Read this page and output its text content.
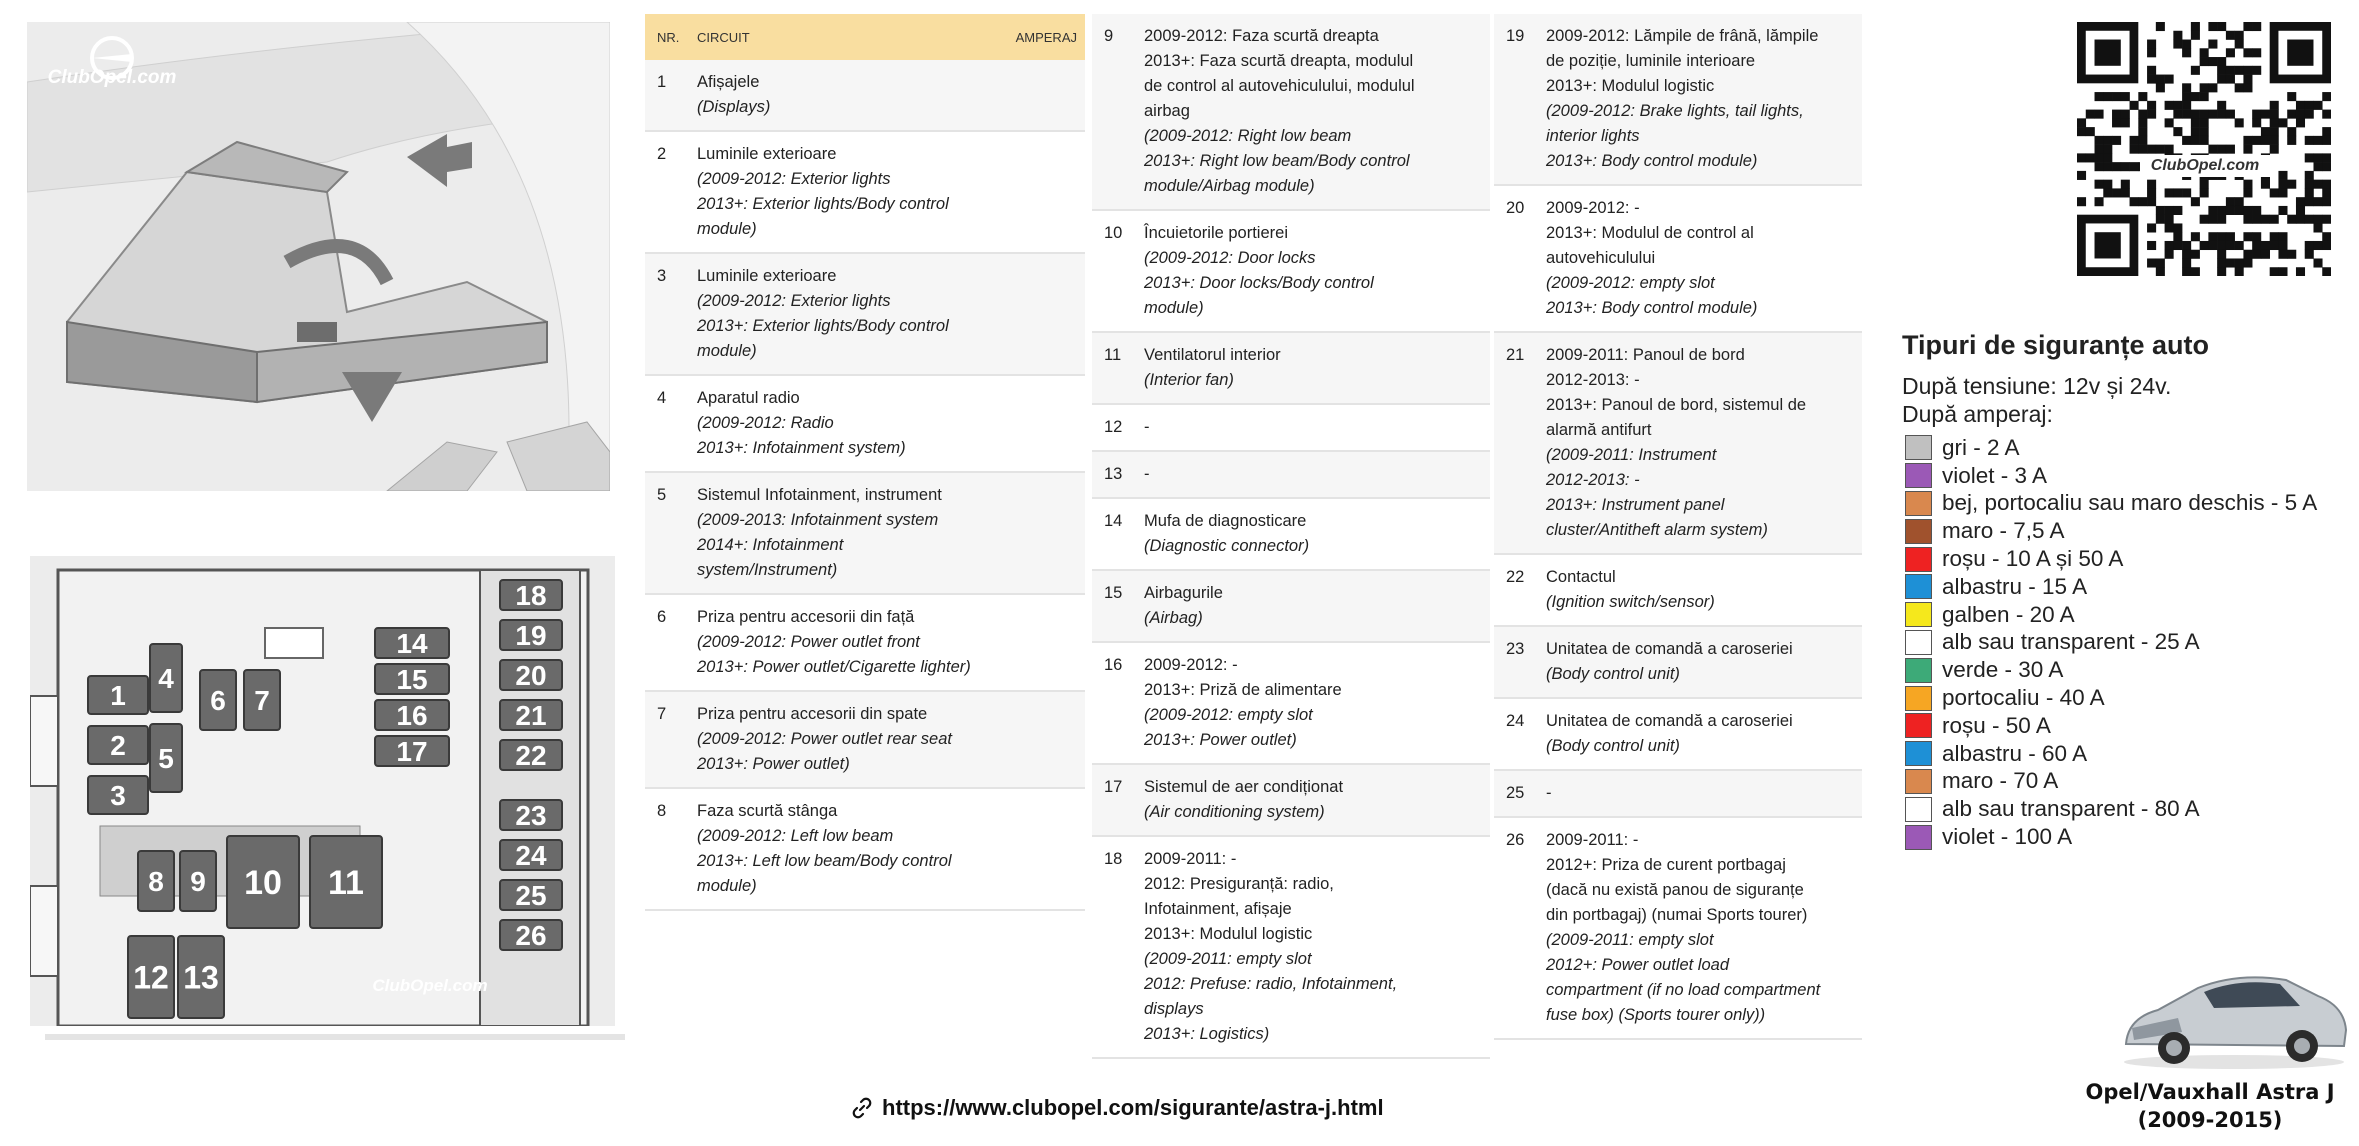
ClubOpel.com
1
2
3
4
5
6 7
8 9 10 11
12 13
14
15
16
17
18
19
20
21
22
23
24
25
26
ClubOpel.com
NR.	CIRCUIT	AMPERAJ
1	Afișajele
(Displays)
2	Luminile exterioare
(2009-2012: Exterior lights
2013+: Exterior lights/Body control
module)
3	Luminile exterioare
(2009-2012: Exterior lights
2013+: Exterior lights/Body control
module)
4	Aparatul radio
(2009-2012: Radio
2013+: Infotainment system)
5	Sistemul Infotainment, instrument
(2009-2013: Infotainment system
2014+: Infotainment
system/Instrument)
6	Priza pentru accesorii din față
(2009-2012: Power outlet front
2013+: Power outlet/Cigarette lighter)
7	Priza pentru accesorii din spate
(2009-2012: Power outlet rear seat
2013+: Power outlet)
8	Faza scurtă stânga
(2009-2012: Left low beam
2013+: Left low beam/Body control
module)
9	2009-2012: Faza scurtă dreapta
2013+: Faza scurtă dreapta, modulul
de control al autovehiculului, modulul
airbag
(2009-2012: Right low beam
2013+: Right low beam/Body control
module/Airbag module)
10	Încuietorile portierei
(2009-2012: Door locks
2013+: Door locks/Body control
module)
11	Ventilatorul interior
(Interior fan)
12	-
13	-
14	Mufa de diagnosticare
(Diagnostic connector)
15	Airbagurile
(Airbag)
16	2009-2012: -
2013+: Priză de alimentare
(2009-2012: empty slot
2013+: Power outlet)
17	Sistemul de aer condiționat
(Air conditioning system)
18	2009-2011: -
2012: Presiguranță: radio,
Infotainment, afișaje
2013+: Modulul logistic
(2009-2011: empty slot
2012: Prefuse: radio, Infotainment,
displays
2013+: Logistics)
19	2009-2012: Lămpile de frână, lămpile
de poziție, luminile interioare
2013+: Modulul logistic
(2009-2012: Brake lights, tail lights,
interior lights
2013+: Body control module)
20	2009-2012: -
2013+: Modulul de control al
autovehiculului
(2009-2012: empty slot
2013+: Body control module)
21	2009-2011: Panoul de bord
2012-2013: -
2013+: Panoul de bord, sistemul de
alarmă antifurt
(2009-2011: Instrument
2012-2013: -
2013+: Instrument panel
cluster/Antitheft alarm system)
22	Contactul
(Ignition switch/sensor)
23	Unitatea de comandă a caroseriei
(Body control unit)
24	Unitatea de comandă a caroseriei
(Body control unit)
25	-
26	2009-2011: -
2012+: Priza de curent portbagaj
(dacă nu există panou de siguranțe
din portbagaj) (numai Sports tourer)
(2009-2011: empty slot
2012+: Power outlet load
compartment (if no load compartment
fuse box) (Sports tourer only))
ClubOpel.com
Tipuri de siguranțe auto
După tensiune: 12v și 24v.
După amperaj:
gri - 2 A
violet - 3 A
bej, portocaliu sau maro deschis - 5 A
maro - 7,5 A
roșu - 10 A și 50 A
albastru - 15 A
galben - 20 A
alb sau transparent - 25 A
verde - 30 A
portocaliu - 40 A
roșu - 50 A
albastru - 60 A
maro - 70 A
alb sau transparent - 80 A
violet - 100 A
https://www.clubopel.com/sigurante/astra-j.html
Opel/Vauxhall Astra J
(2009-2015)
